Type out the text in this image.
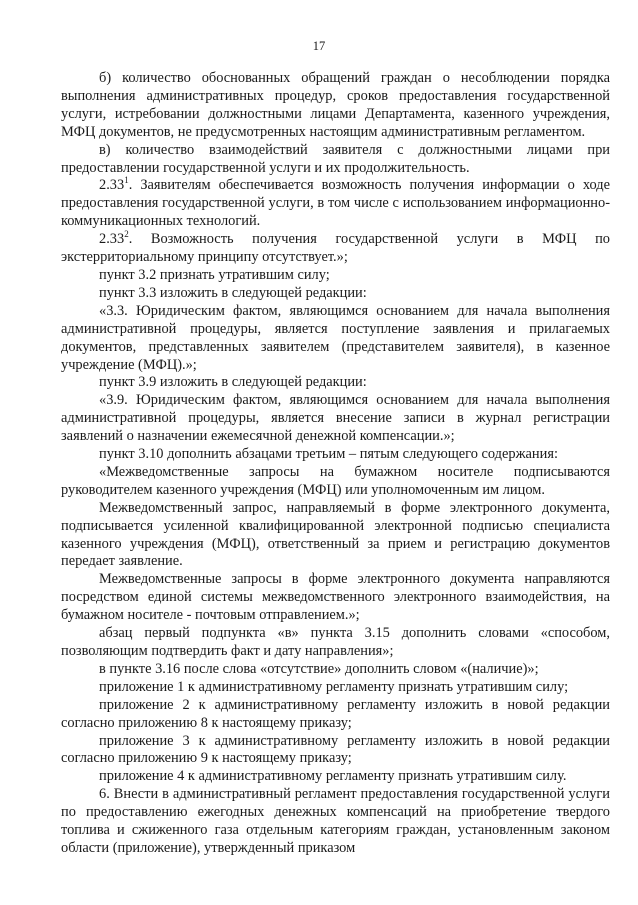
17

б) количество обоснованных обращений граждан о несоблюдении порядка выполнения административных процедур, сроков предоставления государственной услуги, истребовании должностными лицами Департамента, казенного учреждения, МФЦ документов, не предусмотренных настоящим административным регламентом.

в) количество взаимодействий заявителя с должностными лицами при предоставлении государственной услуги и их продолжительность.

2.33$^1$. Заявителям обеспечивается возможность получения информации о ходе предоставления государственной услуги, в том числе с использованием информационно-коммуникационных технологий.

2.33$^2$. Возможность получения государственной услуги в МФЦ по экстерриториальному принципу отсутствует.»;

пункт 3.2 признать утратившим силу;

пункт 3.3 изложить в следующей редакции:

«3.3. Юридическим фактом, являющимся основанием для начала выполнения административной процедуры, является поступление заявления и прилагаемых документов, представленных заявителем (представителем заявителя), в казенное учреждение (МФЦ).»;

пункт 3.9 изложить в следующей редакции:

«3.9. Юридическим фактом, являющимся основанием для начала выполнения административной процедуры, является внесение записи в журнал регистрации заявлений о назначении ежемесячной денежной компенсации.»;

пункт 3.10 дополнить абзацами третьим – пятым следующего содержания:

«Межведомственные запросы на бумажном носителе подписываются руководителем казенного учреждения (МФЦ) или уполномоченным им лицом.

Межведомственный запрос, направляемый в форме электронного документа, подписывается усиленной квалифицированной электронной подписью специалиста казенного учреждения (МФЦ), ответственный за прием и регистрацию документов передает заявление.

Межведомственные запросы в форме электронного документа направляются посредством единой системы межведомственного электронного взаимодействия, на бумажном носителе - почтовым отправлением.»;

абзац первый подпункта «в» пункта 3.15 дополнить словами «способом, позволяющим подтвердить факт и дату направления»;

в пункте 3.16 после слова «отсутствие» дополнить словом «(наличие)»;

приложение 1 к административному регламенту признать утратившим силу;

приложение 2 к административному регламенту изложить в новой редакции согласно приложению 8 к настоящему приказу;

приложение 3 к административному регламенту изложить в новой редакции согласно приложению 9 к настоящему приказу;

приложение 4 к административному регламенту признать утратившим силу.

6. Внести в административный регламент предоставления государственной услуги по предоставлению ежегодных денежных компенсаций на приобретение твердого топлива и сжиженного газа отдельным категориям граждан, установленным законом области (приложение), утвержденный приказом
